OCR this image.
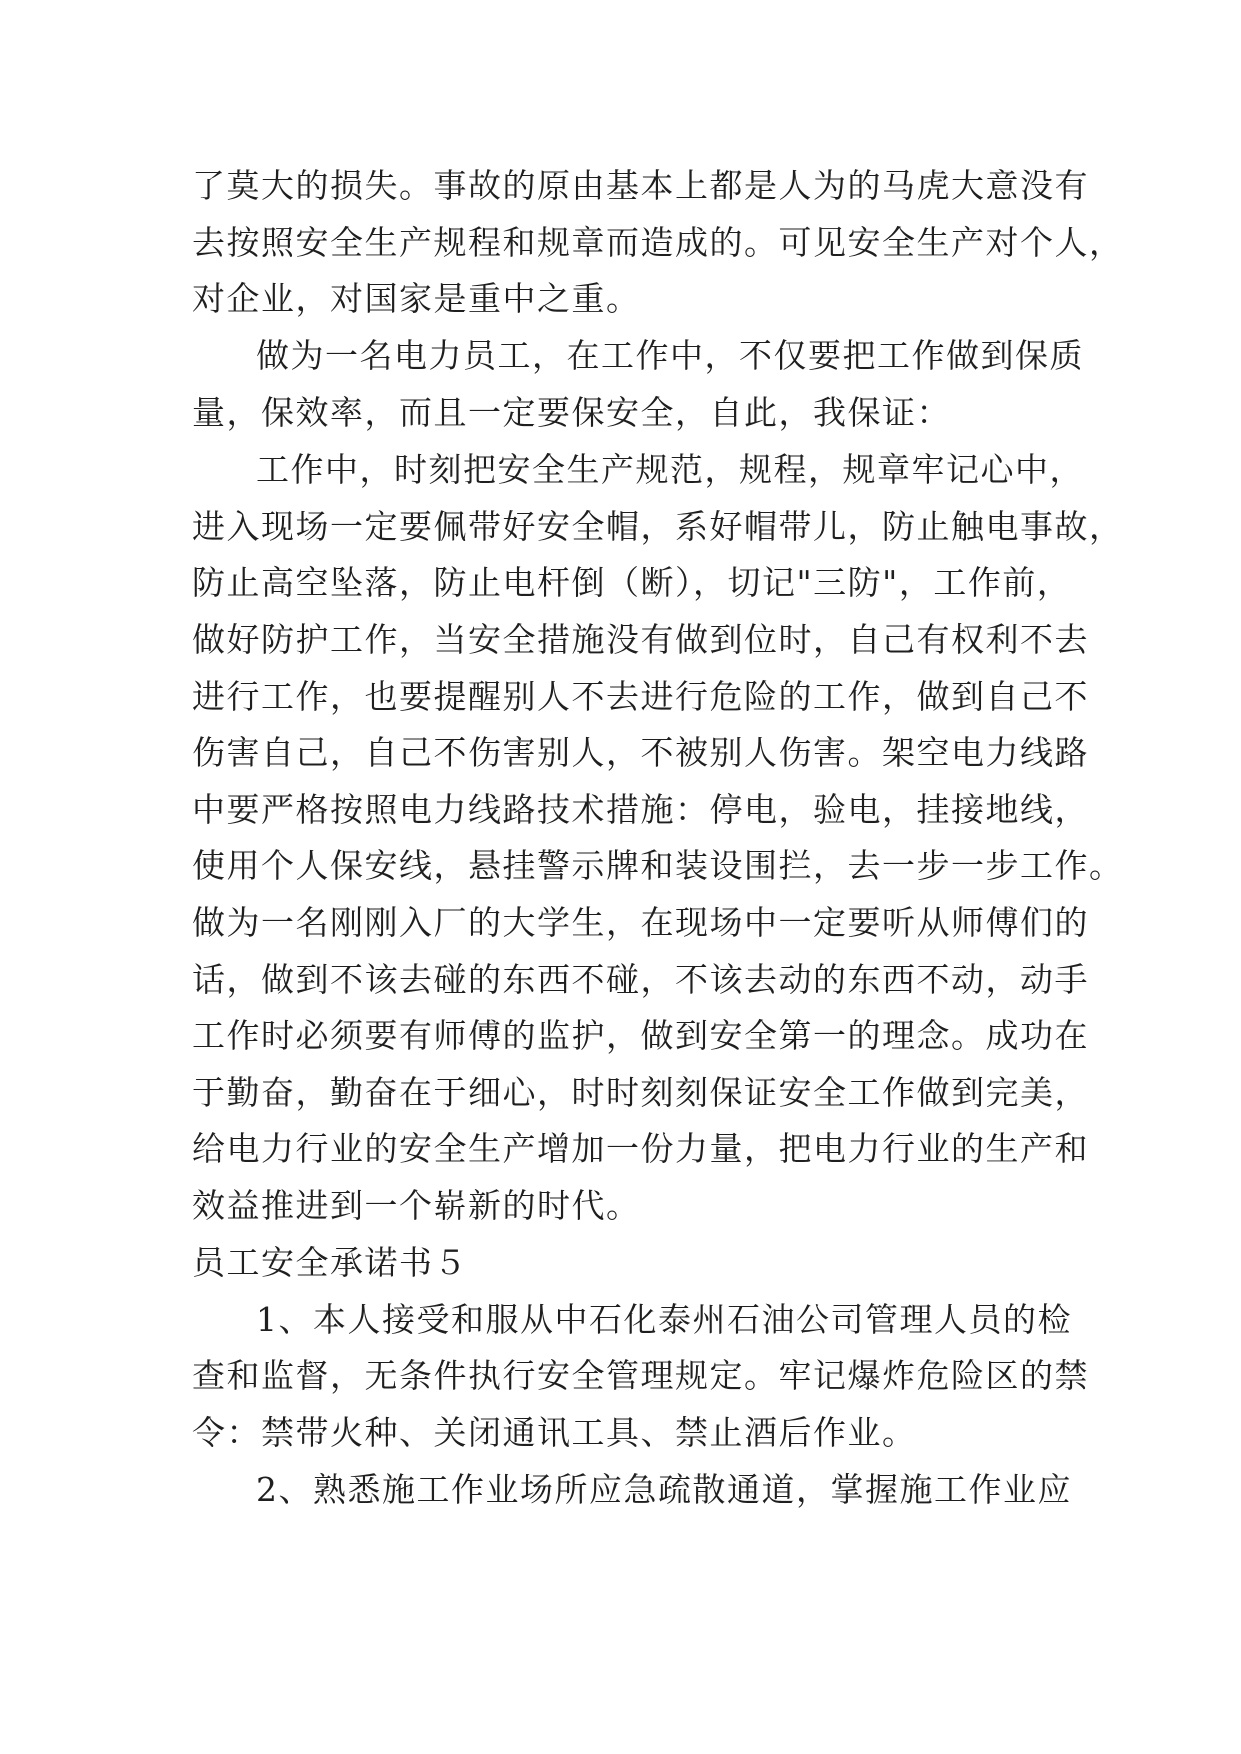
了莫大的损失。事故的原由基本上都是人为的马虎大意没有
去按照安全生产规程和规章而造成的。可见安全生产对个人，
对企业，对国家是重中之重。
做为一名电力员工，在工作中，不仅要把工作做到保质
量，保效率，而且一定要保安全，自此，我保证：
工作中，时刻把安全生产规范，规程，规章牢记心中，
进入现场一定要佩带好安全帽，系好帽带儿，防止触电事故，
防止高空坠落，防止电杆倒（断），切记"三防"，工作前，
做好防护工作，当安全措施没有做到位时，自己有权利不去
进行工作，也要提醒别人不去进行危险的工作，做到自己不
伤害自己，自己不伤害别人，不被别人伤害。架空电力线路
中要严格按照电力线路技术措施：停电，验电，挂接地线，
使用个人保安线，悬挂警示牌和装设围拦，去一步一步工作。
做为一名刚刚入厂的大学生，在现场中一定要听从师傅们的
话，做到不该去碰的东西不碰，不该去动的东西不动，动手
工作时必须要有师傅的监护，做到安全第一的理念。成功在
于勤奋，勤奋在于细心，时时刻刻保证安全工作做到完美，
给电力行业的安全生产增加一份力量，把电力行业的生产和
效益推进到一个崭新的时代。
员工安全承诺书５
1、本人接受和服从中石化泰州石油公司管理人员的检
查和监督，无条件执行安全管理规定。牢记爆炸危险区的禁
令：禁带火种、关闭通讯工具、禁止酒后作业。
2、熟悉施工作业场所应急疏散通道，掌握施工作业应
